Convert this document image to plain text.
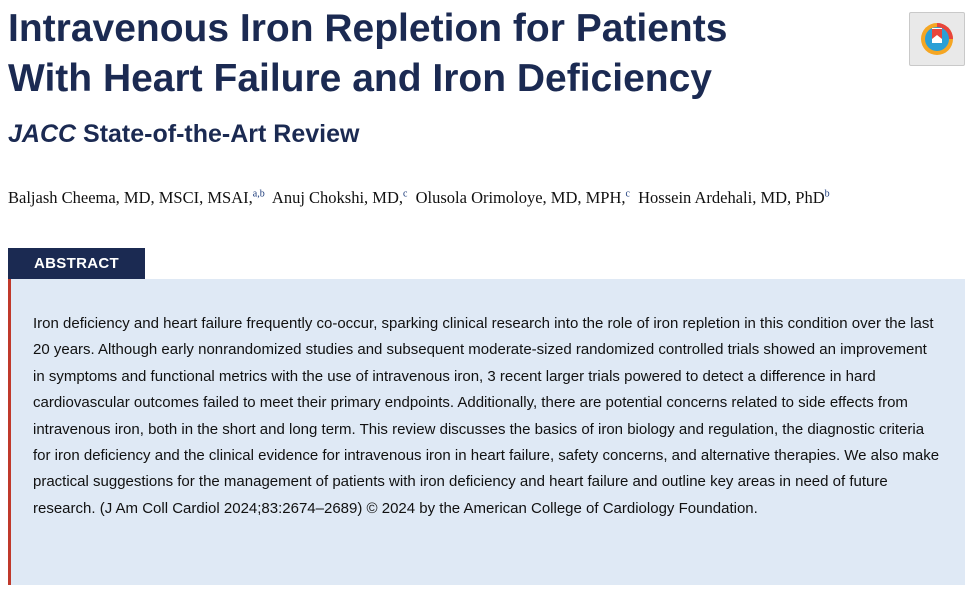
Intravenous Iron Repletion for Patients
With Heart Failure and Iron Deficiency
JACC State-of-the-Art Review
Baljash Cheema, MD, MSCI, MSAI,$^{a,b}$ Anuj Chokshi, MD,$^c$ Olusola Orimoloye, MD, MPH,$^c$ Hossein Ardehali, MD, PhD$^b$
ABSTRACT

Iron deficiency and heart failure frequently co-occur, sparking clinical research into the role of iron repletion in this condition over the last 20 years. Although early nonrandomized studies and subsequent moderate-sized randomized controlled trials showed an improvement in symptoms and functional metrics with the use of intravenous iron, 3 recent larger trials powered to detect a difference in hard cardiovascular outcomes failed to meet their primary endpoints. Additionally, there are potential concerns related to side effects from intravenous iron, both in the short and long term. This review discusses the basics of iron biology and regulation, the diagnostic criteria for iron deficiency and the clinical evidence for intravenous iron in heart failure, safety concerns, and alternative therapies. We also make practical suggestions for the management of patients with iron deficiency and heart failure and outline key areas in need of future research. (J Am Coll Cardiol 2024;83:2674–2689) © 2024 by the American College of Cardiology Foundation.
